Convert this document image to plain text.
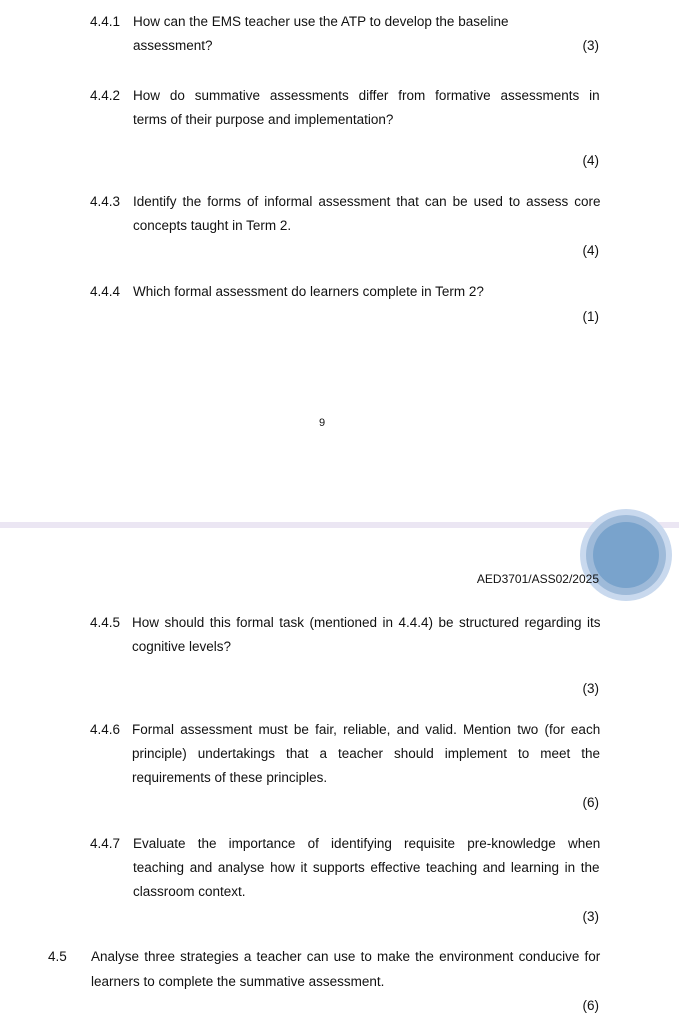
4.4.1 How can the EMS teacher use the ATP to develop the baseline
assessment?	(3)
4.4.2 How do summative assessments differ from formative assessments in
terms of their purpose and implementation?
(4)
4.4.3 Identify the forms of informal assessment that can be used to assess core
concepts taught in Term 2.
(4)
4.4.4 Which formal assessment do learners complete in Term 2?
(1)
9
AED3701/ASS02/2025
4.4.5 How should this formal task (mentioned in 4.4.4) be structured regarding its
cognitive levels?
(3)
4.4.6 Formal assessment must be fair, reliable, and valid. Mention two (for each
principle) undertakings that a teacher should implement to meet the
requirements of these principles.
(6)
4.4.7 Evaluate the importance of identifying requisite pre-knowledge when
teaching and analyse how it supports effective teaching and learning in the
classroom context.
(3)
4.5 Analyse three strategies a teacher can use to make the environment conducive for
learners to complete the summative assessment.
(6)
